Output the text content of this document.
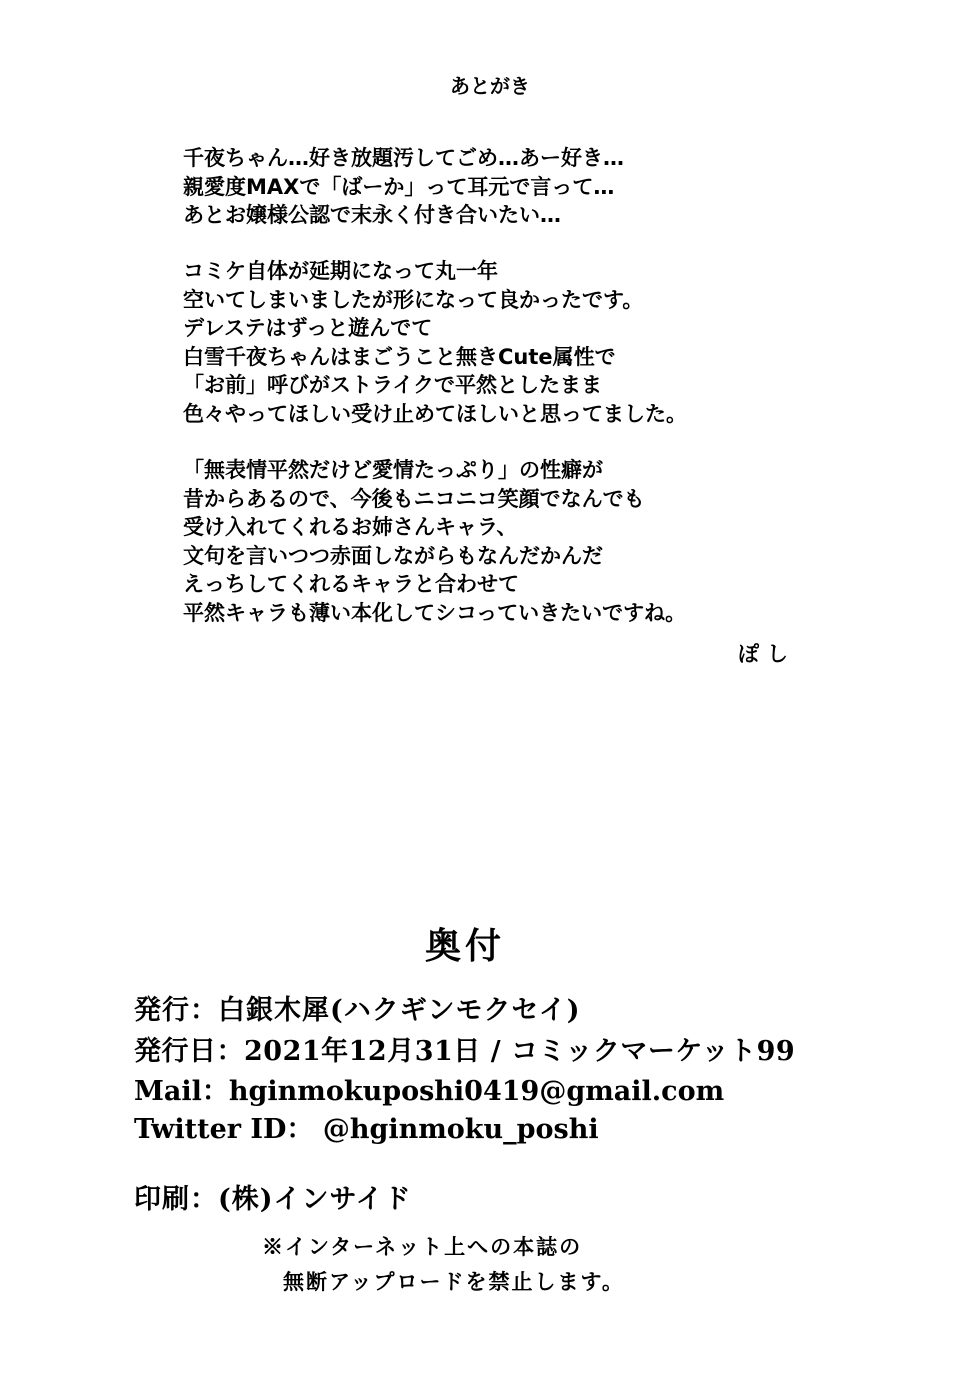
あとがき
千夜ちゃん…好き放題汚してごめ…あー好き…
親愛度MAXで「ばーか」って耳元で言って…
あとお嬢様公認で末永く付き合いたい…
コミケ自体が延期になって丸一年
空いてしまいましたが形になって良かったです。
デレステはずっと遊んでて
白雪千夜ちゃんはまごうこと無きCute属性で
「お前」呼びがストライクで平然としたまま
色々やってほしい受け止めてほしいと思ってました。
「無表情平然だけど愛情たっぷり」の性癖が
昔からあるので、今後もニコニコ笑顔でなんでも
受け入れてくれるお姉さんキャラ、
文句を言いつつ赤面しながらもなんだかんだ
えっちしてくれるキャラと合わせて
平然キャラも薄い本化してシコっていきたいですね。
ぽし
奥付
発行：白銀木犀(ハクギンモクセイ)
発行日：2021年12月31日 / コミックマーケット99
Mail：hginmokuposhi0419@gmail.com
Twitter ID： @hginmoku_poshi
印刷：(株)インサイド
※インターネット上への本誌の
無断アップロードを禁止します。
